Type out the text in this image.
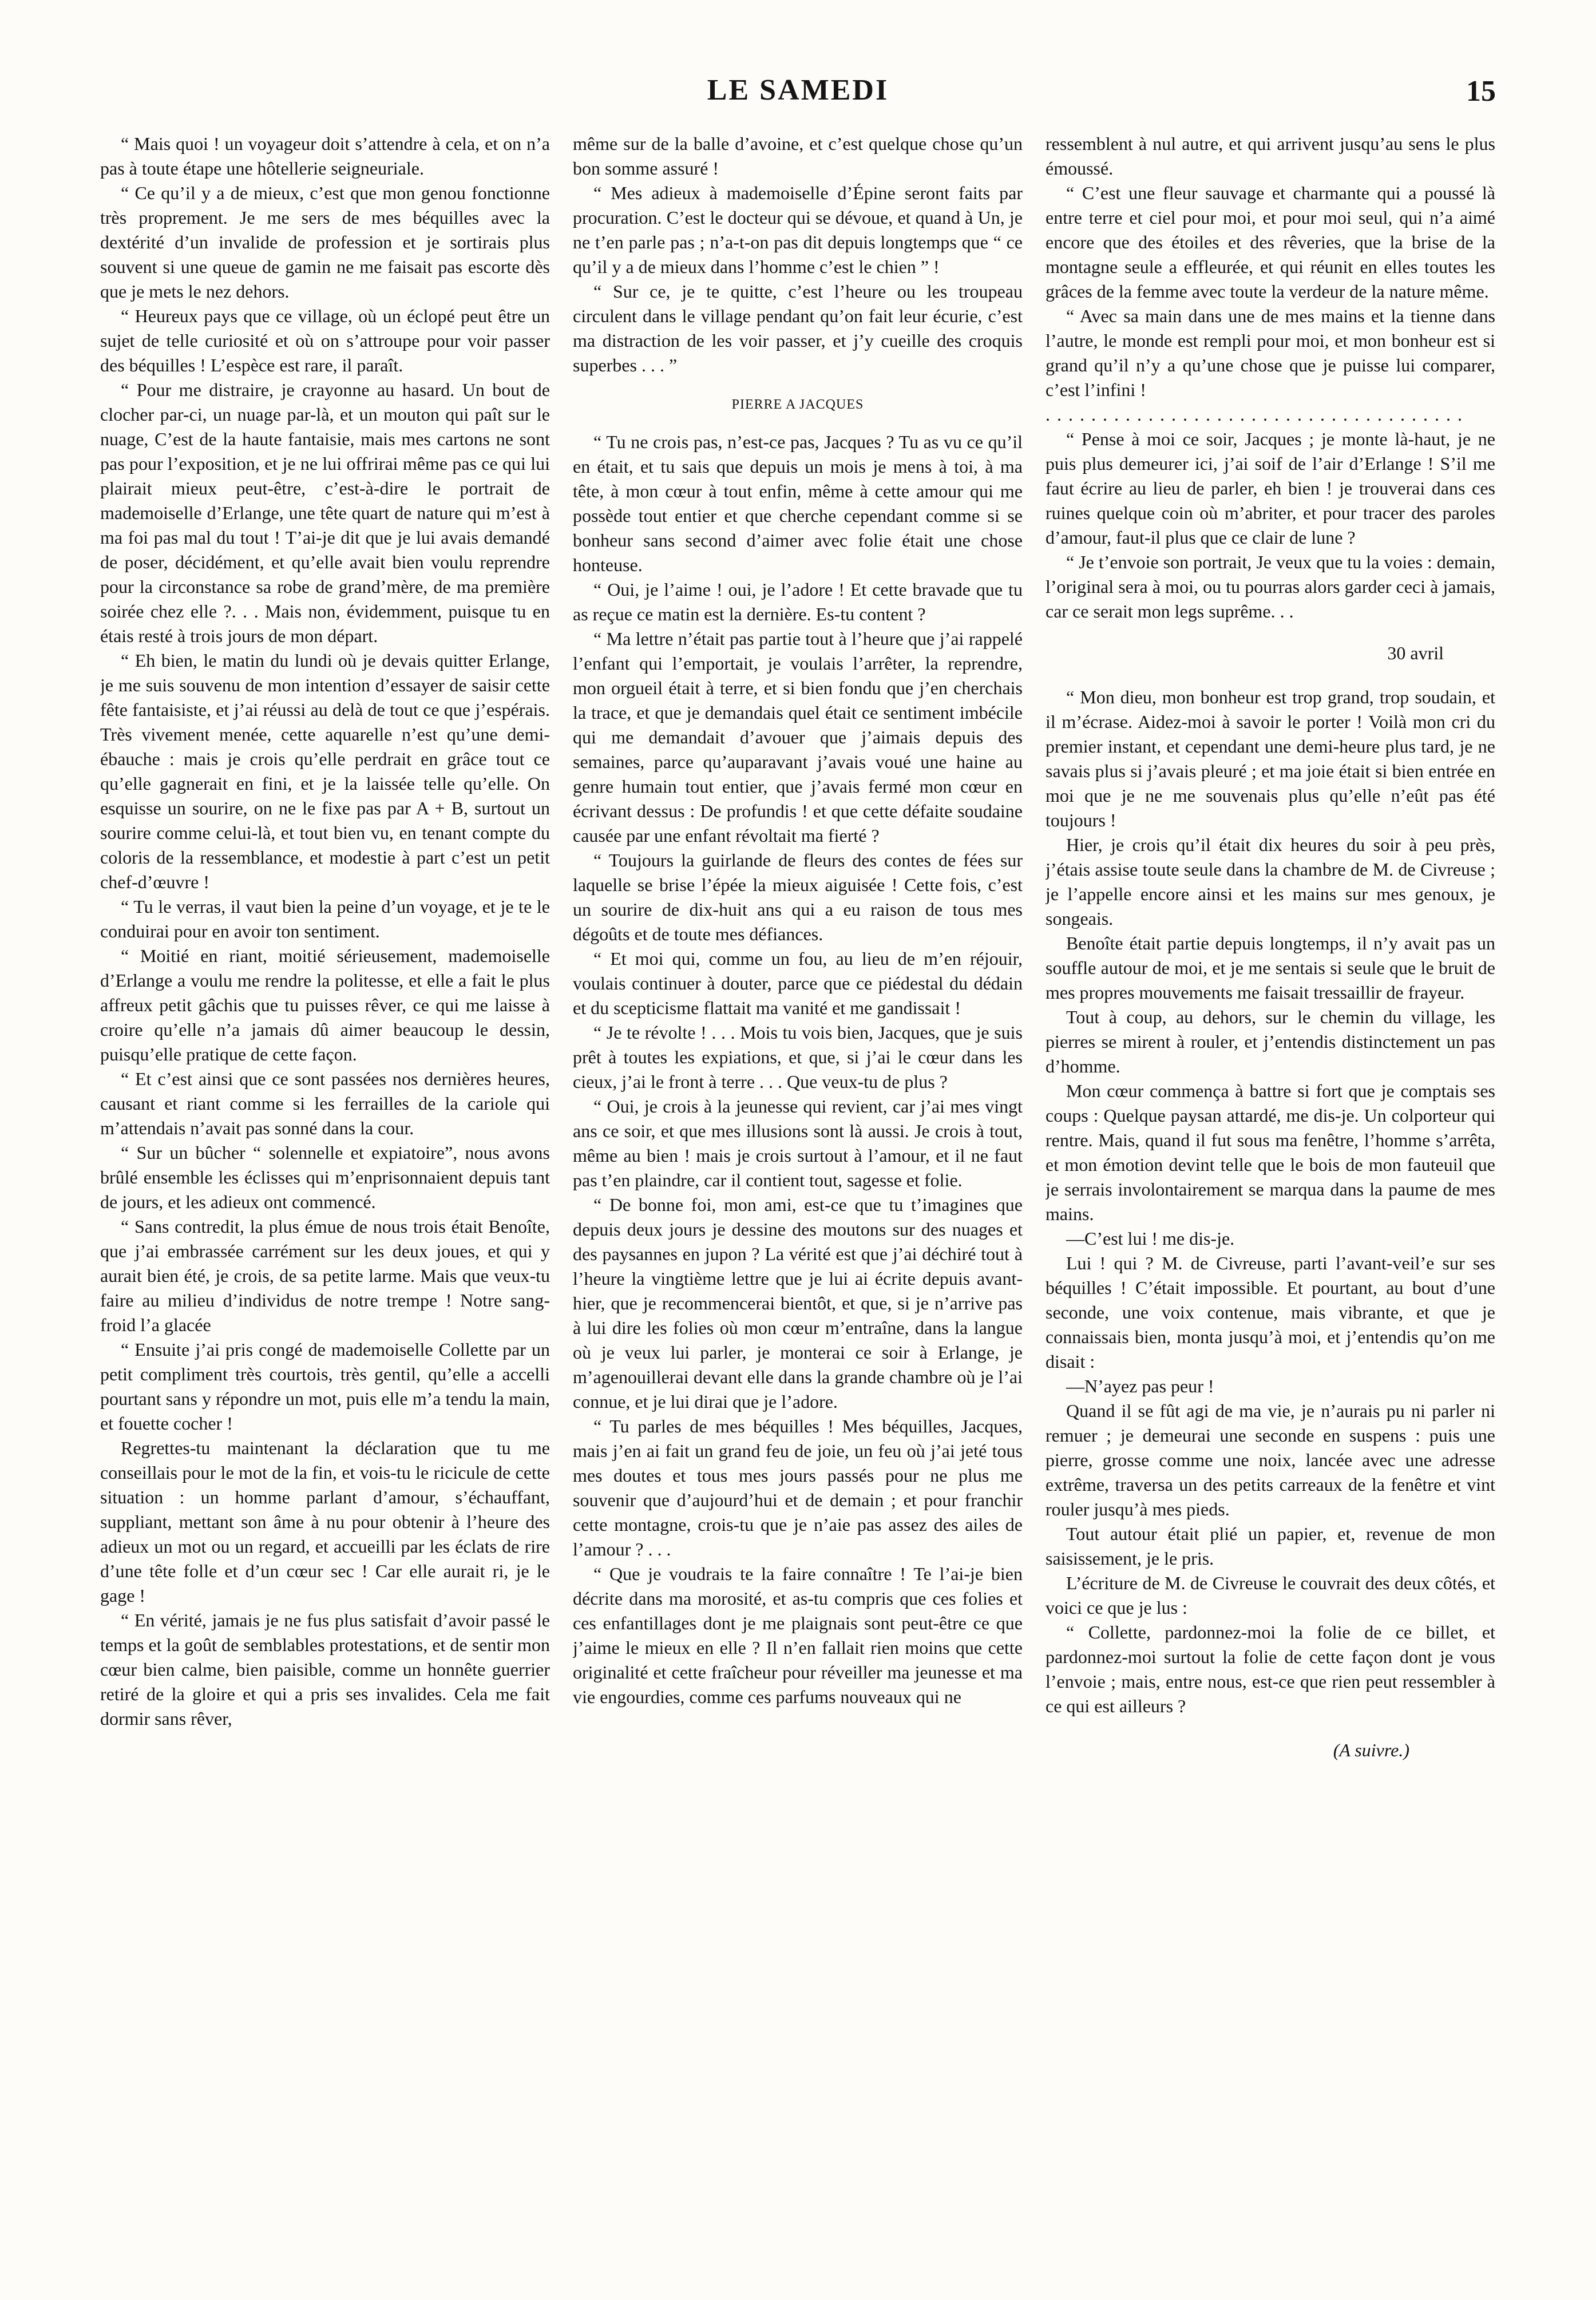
LE SAMEDI	15

“ Mais quoi ! un voyageur doit s’attendre à cela, et on n’a pas à toute étape une hôtellerie seigneuriale.

“ Ce qu’il y a de mieux, c’est que mon genou fonctionne très proprement. Je me sers de mes béquilles avec la dextérité d’un invalide de profession et je sortirais plus souvent si une queue de gamin ne me faisait pas escorte dès que je mets le nez dehors.

“ Heureux pays que ce village, où un éclopé peut être un sujet de telle curiosité et où on s’attroupe pour voir passer des béquilles ! L’espèce est rare, il paraît.

“ Pour me distraire, je crayonne au hasard. Un bout de clocher par-ci, un nuage par-là, et un mouton qui paît sur le nuage, C’est de la haute fantaisie, mais mes cartons ne sont pas pour l’exposition, et je ne lui offrirai même pas ce qui lui plairait mieux peut-être, c’est-à-dire le portrait de mademoiselle d’Erlange, une tête quart de nature qui m’est à ma foi pas mal du tout ! T’ai-je dit que je lui avais demandé de poser, décidément, et qu’elle avait bien voulu reprendre pour la circonstance sa robe de grand’mère, de ma première soirée chez elle ?. . . Mais non, évidemment, puisque tu en étais resté à trois jours de mon départ.

“ Eh bien, le matin du lundi où je devais quitter Erlange, je me suis souvenu de mon intention d’essayer de saisir cette fête fantaisiste, et j’ai réussi au delà de tout ce que j’espérais. Très vivement menée, cette aquarelle n’est qu’une demi-ébauche : mais je crois qu’elle perdrait en grâce tout ce qu’elle gagnerait en fini, et je la laissée telle qu’elle. On esquisse un sourire, on ne le fixe pas par A + B, surtout un sourire comme celui-là, et tout bien vu, en tenant compte du coloris de la ressemblance, et modestie à part c’est un petit chef-d’œuvre !

“ Tu le verras, il vaut bien la peine d’un voyage, et je te le conduirai pour en avoir ton sentiment.

“ Moitié en riant, moitié sérieusement, mademoiselle d’Erlange a voulu me rendre la politesse, et elle a fait le plus affreux petit gâchis que tu puisses rêver, ce qui me laisse à croire qu’elle n’a jamais dû aimer beaucoup le dessin, puisqu’elle pratique de cette façon.

“ Et c’est ainsi que ce sont passées nos dernières heures, causant et riant comme si les ferrailles de la cariole qui m’attendais n’avait pas sonné dans la cour.

“ Sur un bûcher “ solennelle et expiatoire”, nous avons brûlé ensemble les éclisses qui m’enprisonnaient depuis tant de jours, et les adieux ont commencé.

“ Sans contredit, la plus émue de nous trois était Benoîte, que j’ai embrassée carrément sur les deux joues, et qui y aurait bien été, je crois, de sa petite larme. Mais que veux-tu faire au milieu d’individus de notre trempe ! Notre sang-froid l’a glacée

“ Ensuite j’ai pris congé de mademoiselle Collette par un petit compliment très courtois, très gentil, qu’elle a accelli pourtant sans y répondre un mot, puis elle m’a tendu la main, et fouette cocher !

Regrettes-tu maintenant la déclaration que tu me conseillais pour le mot de la fin, et vois-tu le ricicule de cette situation : un homme parlant d’amour, s’échauffant, suppliant, mettant son âme à nu pour obtenir à l’heure des adieux un mot ou un regard, et accueilli par les éclats de rire d’une tête folle et d’un cœur sec ! Car elle aurait ri, je le gage !

“ En vérité, jamais je ne fus plus satisfait d’avoir passé le temps et la goût de semblables protestations, et de sentir mon cœur bien calme, bien paisible, comme un honnête guerrier retiré de la gloire et qui a pris ses invalides. Cela me fait dormir sans rêver,

même sur de la balle d’avoine, et c’est quelque chose qu’un bon somme assuré !

“ Mes adieux à mademoiselle d’Épine seront faits par procuration. C’est le docteur qui se dévoue, et quand à Un, je ne t’en parle pas ; n’a-t-on pas dit depuis longtemps que “ ce qu’il y a de mieux dans l’homme c’est le chien ” !

“ Sur ce, je te quitte, c’est l’heure ou les troupeau circulent dans le village pendant qu’on fait leur écurie, c’est ma distraction de les voir passer, et j’y cueille des croquis superbes . . . ”

PIERRE A JACQUES

“ Tu ne crois pas, n’est-ce pas, Jacques ? Tu as vu ce qu’il en était, et tu sais que depuis un mois je mens à toi, à ma tête, à mon cœur à tout enfin, même à cette amour qui me possède tout entier et que cherche cependant comme si se bonheur sans second d’aimer avec folie était une chose honteuse.

“ Oui, je l’aime ! oui, je l’adore ! Et cette bravade que tu as reçue ce matin est la dernière. Es-tu content ?

“ Ma lettre n’était pas partie tout à l’heure que j’ai rappelé l’enfant qui l’emportait, je voulais l’arrêter, la reprendre, mon orgueil était à terre, et si bien fondu que j’en cherchais la trace, et que je demandais quel était ce sentiment imbécile qui me demandait d’avouer que j’aimais depuis des semaines, parce qu’auparavant j’avais voué une haine au genre humain tout entier, que j’avais fermé mon cœur en écrivant dessus : De profundis ! et que cette défaite soudaine causée par une enfant révoltait ma fierté ?

“ Toujours la guirlande de fleurs des contes de fées sur laquelle se brise l’épée la mieux aiguisée ! Cette fois, c’est un sourire de dix-huit ans qui a eu raison de tous mes dégoûts et de toute mes défiances.

“ Et moi qui, comme un fou, au lieu de m’en réjouir, voulais continuer à douter, parce que ce piédestal du dédain et du scepticisme flattait ma vanité et me gandissait !

“ Je te révolte ! . . . Mois tu vois bien, Jacques, que je suis prêt à toutes les expiations, et que, si j’ai le cœur dans les cieux, j’ai le front à terre . . . Que veux-tu de plus ?

“ Oui, je crois à la jeunesse qui revient, car j’ai mes vingt ans ce soir, et que mes illusions sont là aussi. Je crois à tout, même au bien ! mais je crois surtout à l’amour, et il ne faut pas t’en plaindre, car il contient tout, sagesse et folie.

“ De bonne foi, mon ami, est-ce que tu t’imagines que depuis deux jours je dessine des moutons sur des nuages et des paysannes en jupon ? La vérité est que j’ai déchiré tout à l’heure la vingtième lettre que je lui ai écrite depuis avant-hier, que je recommencerai bientôt, et que, si je n’arrive pas à lui dire les folies où mon cœur m’entraîne, dans la langue où je veux lui parler, je monterai ce soir à Erlange, je m’agenouillerai devant elle dans la grande chambre où je l’ai connue, et je lui dirai que je l’adore.

“ Tu parles de mes béquilles ! Mes béquilles, Jacques, mais j’en ai fait un grand feu de joie, un feu où j’ai jeté tous mes doutes et tous mes jours passés pour ne plus me souvenir que d’aujourd’hui et de demain ; et pour franchir cette montagne, crois-tu que je n’aie pas assez des ailes de l’amour ? . . .

“ Que je voudrais te la faire connaître ! Te l’ai-je bien décrite dans ma morosité, et as-tu compris que ces folies et ces enfantillages dont je me plaignais sont peut-être ce que j’aime le mieux en elle ? Il n’en fallait rien moins que cette originalité et cette fraîcheur pour réveiller ma jeunesse et ma vie engourdies, comme ces parfums nouveaux qui ne

ressemblent à nul autre, et qui arrivent jusqu’au sens le plus émoussé.

“ C’est une fleur sauvage et charmante qui a poussé là entre terre et ciel pour moi, et pour moi seul, qui n’a aimé encore que des étoiles et des rêveries, que la brise de la montagne seule a effleurée, et qui réunit en elles toutes les grâces de la femme avec toute la verdeur de la nature même.

“ Avec sa main dans une de mes mains et la tienne dans l’autre, le monde est rempli pour moi, et mon bonheur est si grand qu’il n’y a qu’une chose que je puisse lui comparer, c’est l’infini !

. . . . . . . . . . . . . . . . . . . . . . . . . . . . . . . . . . . . .

“ Pense à moi ce soir, Jacques ; je monte là-haut, je ne puis plus demeurer ici, j’ai soif de l’air d’Erlange ! S’il me faut écrire au lieu de parler, eh bien ! je trouverai dans ces ruines quelque coin où m’abriter, et pour tracer des paroles d’amour, faut-il plus que ce clair de lune ?

“ Je t’envoie son portrait, Je veux que tu la voies : demain, l’original sera à moi, ou tu pourras alors garder ceci à jamais, car ce serait mon legs suprême. . .

30 avril

“ Mon dieu, mon bonheur est trop grand, trop soudain, et il m’écrase. Aidez-moi à savoir le porter ! Voilà mon cri du premier instant, et cependant une demi-heure plus tard, je ne savais plus si j’avais pleuré ; et ma joie était si bien entrée en moi que je ne me souvenais plus qu’elle n’eût pas été toujours !

Hier, je crois qu’il était dix heures du soir à peu près, j’étais assise toute seule dans la chambre de M. de Civreuse ; je l’appelle encore ainsi et les mains sur mes genoux, je songeais.

Benoîte était partie depuis longtemps, il n’y avait pas un souffle autour de moi, et je me sentais si seule que le bruit de mes propres mouvements me faisait tressaillir de frayeur.

Tout à coup, au dehors, sur le chemin du village, les pierres se mirent à rouler, et j’entendis distinctement un pas d’homme.

Mon cœur commença à battre si fort que je comptais ses coups : Quelque paysan attardé, me dis-je. Un colporteur qui rentre. Mais, quand il fut sous ma fenêtre, l’homme s’arrêta, et mon émotion devint telle que le bois de mon fauteuil que je serrais involontairement se marqua dans la paume de mes mains.

—C’est lui ! me dis-je.

Lui ! qui ? M. de Civreuse, parti l’avant-veil’e sur ses béquilles ! C’était impossible. Et pourtant, au bout d’une seconde, une voix contenue, mais vibrante, et que je connaissais bien, monta jusqu’à moi, et j’entendis qu’on me disait :

—N’ayez pas peur !

Quand il se fût agi de ma vie, je n’aurais pu ni parler ni remuer ; je demeurai une seconde en suspens : puis une pierre, grosse comme une noix, lancée avec une adresse extrême, traversa un des petits carreaux de la fenêtre et vint rouler jusqu’à mes pieds.

Tout autour était plié un papier, et, revenue de mon saisissement, je le pris.

L’écriture de M. de Civreuse le couvrait des deux côtés, et voici ce que je lus :

“ Collette, pardonnez-moi la folie de ce billet, et pardonnez-moi surtout la folie de cette façon dont je vous l’envoie ; mais, entre nous, est-ce que rien peut ressembler à ce qui est ailleurs ?

(A suivre.)
